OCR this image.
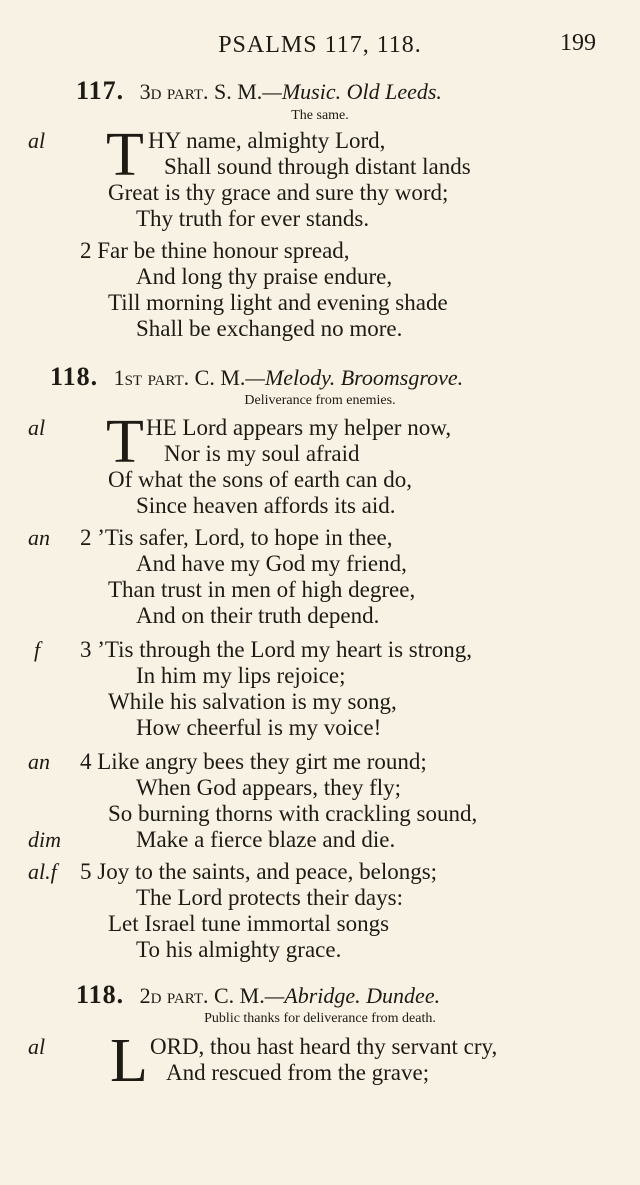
PSALMS 117, 118.	199
117. 3d part. S. M.—Music. Old Leeds.
The same.
al T HY name, almighty Lord,
Shall sound through distant lands
Great is thy grace and sure thy word;
Thy truth for ever stands.
2 Far be thine honour spread,
And long thy praise endure,
Till morning light and evening shade
Shall be exchanged no more.
118. 1st part. C. M.—Melody. Broomsgrove.
Deliverance from enemies.
al T HE Lord appears my helper now,
Nor is my soul afraid
Of what the sons of earth can do,
Since heaven affords its aid.
an 2 ’Tis safer, Lord, to hope in thee,
And have my God my friend,
Than trust in men of high degree,
And on their truth depend.
f 3 ’Tis through the Lord my heart is strong,
In him my lips rejoice;
While his salvation is my song,
How cheerful is my voice!
an 4 Like angry bees they girt me round;
When God appears, they fly;
So burning thorns with crackling sound,
dim	Make a fierce blaze and die.
al.f 5 Joy to the saints, and peace, belongs;
The Lord protects their days:
Let Israel tune immortal songs
To his almighty grace.
118. 2d part. C. M.—Abridge. Dundee.
Public thanks for deliverance from death.
al L ORD, thou hast heard thy servant cry,
And rescued from the grave;
